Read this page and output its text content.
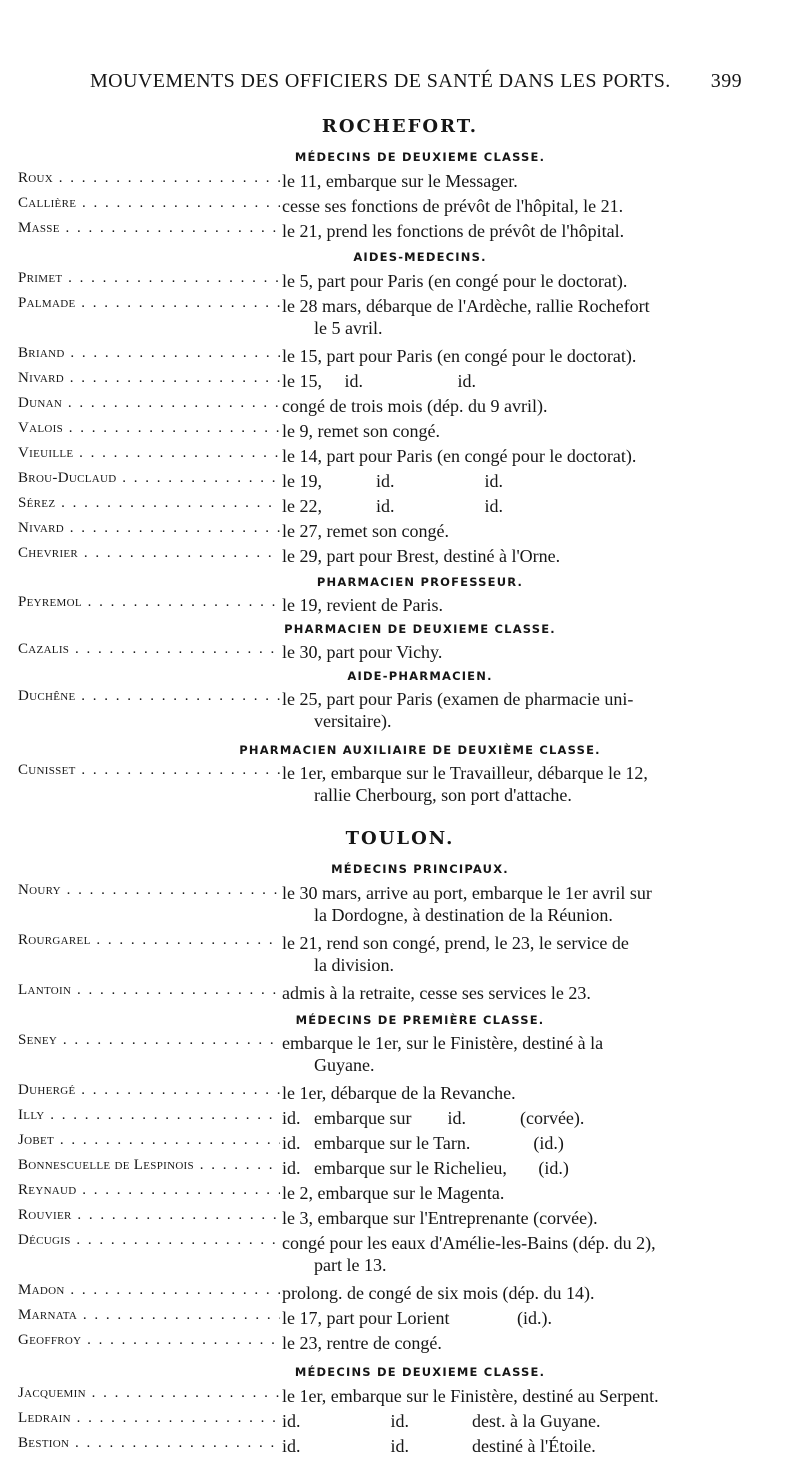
MOUVEMENTS DES OFFICIERS DE SANTÉ DANS LES PORTS. 399
ROCHEFORT.
MÉDECINS DE DEUXIEME CLASSE.
Roux . . .	le 11, embarque sur le Messager.
Callière . . .	cesse ses fonctions de prévôt de l'hôpital, le 21.
Masse . . .	le 21, prend les fonctions de prévôt de l'hôpital.
AIDES-MEDECINS.
Primet . . .	le 5, part pour Paris (en congé pour le doctorat).
Palmade . . .	le 28 mars, débarque de l'Ardèche, rallie Rochefort
le 5 avril.
Briand . . .	le 15, part pour Paris (en congé pour le doctorat).
Nivard . . .	le 15,     id.                     id.
Dunan . . .	congé de trois mois (dép. du 9 avril).
Valois . . .	le 9, remet son congé.
Vieuille . . .	le 14, part pour Paris (en congé pour le doctorat).
Brou-Duclaud . . .	le 19,            id.                    id.
Sérez . . .	le 22,            id.                    id.
Nivard . . .	le 27, remet son congé.
Chevrier . . .	le 29, part pour Brest, destiné à l'Orne.
PHARMACIEN PROFESSEUR.
Peyremol . . .	le 19, revient de Paris.
PHARMACIEN DE DEUXIEME CLASSE.
Cazalis . . .	le 30, part pour Vichy.
AIDE-PHARMACIEN.
Duchêne . . .	le 25, part pour Paris (examen de pharmacie uni-
versitaire).
PHARMACIEN AUXILIAIRE DE DEUXIÈME CLASSE.
Cunisset . . .	le 1er, embarque sur le Travailleur, débarque le 12,
rallie Cherbourg, son port d'attache.
TOULON.
MÉDECINS PRINCIPAUX.
Noury . . .	le 30 mars, arrive au port, embarque le 1er avril sur
la Dordogne, à destination de la Réunion.
Rourgarel . . .	le 21, rend son congé, prend, le 23, le service de
la division.
Lantoin . . .	admis à la retraite, cesse ses services le 23.
MÉDECINS DE PREMIÈRE CLASSE.
Seney . . .	embarque le 1er, sur le Finistère, destiné à la
Guyane.
Duhergé . . .	le 1er, débarque de la Revanche.
Illy . . .	id.   embarque sur        id.            (corvée).
Jobet . . .	id.   embarque sur le Tarn.              (id.)
Bonnescuelle de Lespinois . . .	id.   embarque sur le Richelieu,       (id.)
Reynaud . . .	le 2, embarque sur le Magenta.
Rouvier . . .	le 3, embarque sur l'Entreprenante (corvée).
Décugis . . .	congé pour les eaux d'Amélie-les-Bains (dép. du 2),
part le 13.
Madon . . .	prolong. de congé de six mois (dép. du 14).
Marnata . . .	le 17, part pour Lorient               (id.).
Geoffroy . . .	le 23, rentre de congé.
MÉDECINS DE DEUXIEME CLASSE.
Jacquemin . . .	le 1er, embarque sur le Finistère, destiné au Serpent.
Ledrain . . .	id.                    id.              dest. à la Guyane.
Bestion . . .	id.                    id.              destiné à l'Étoile.
